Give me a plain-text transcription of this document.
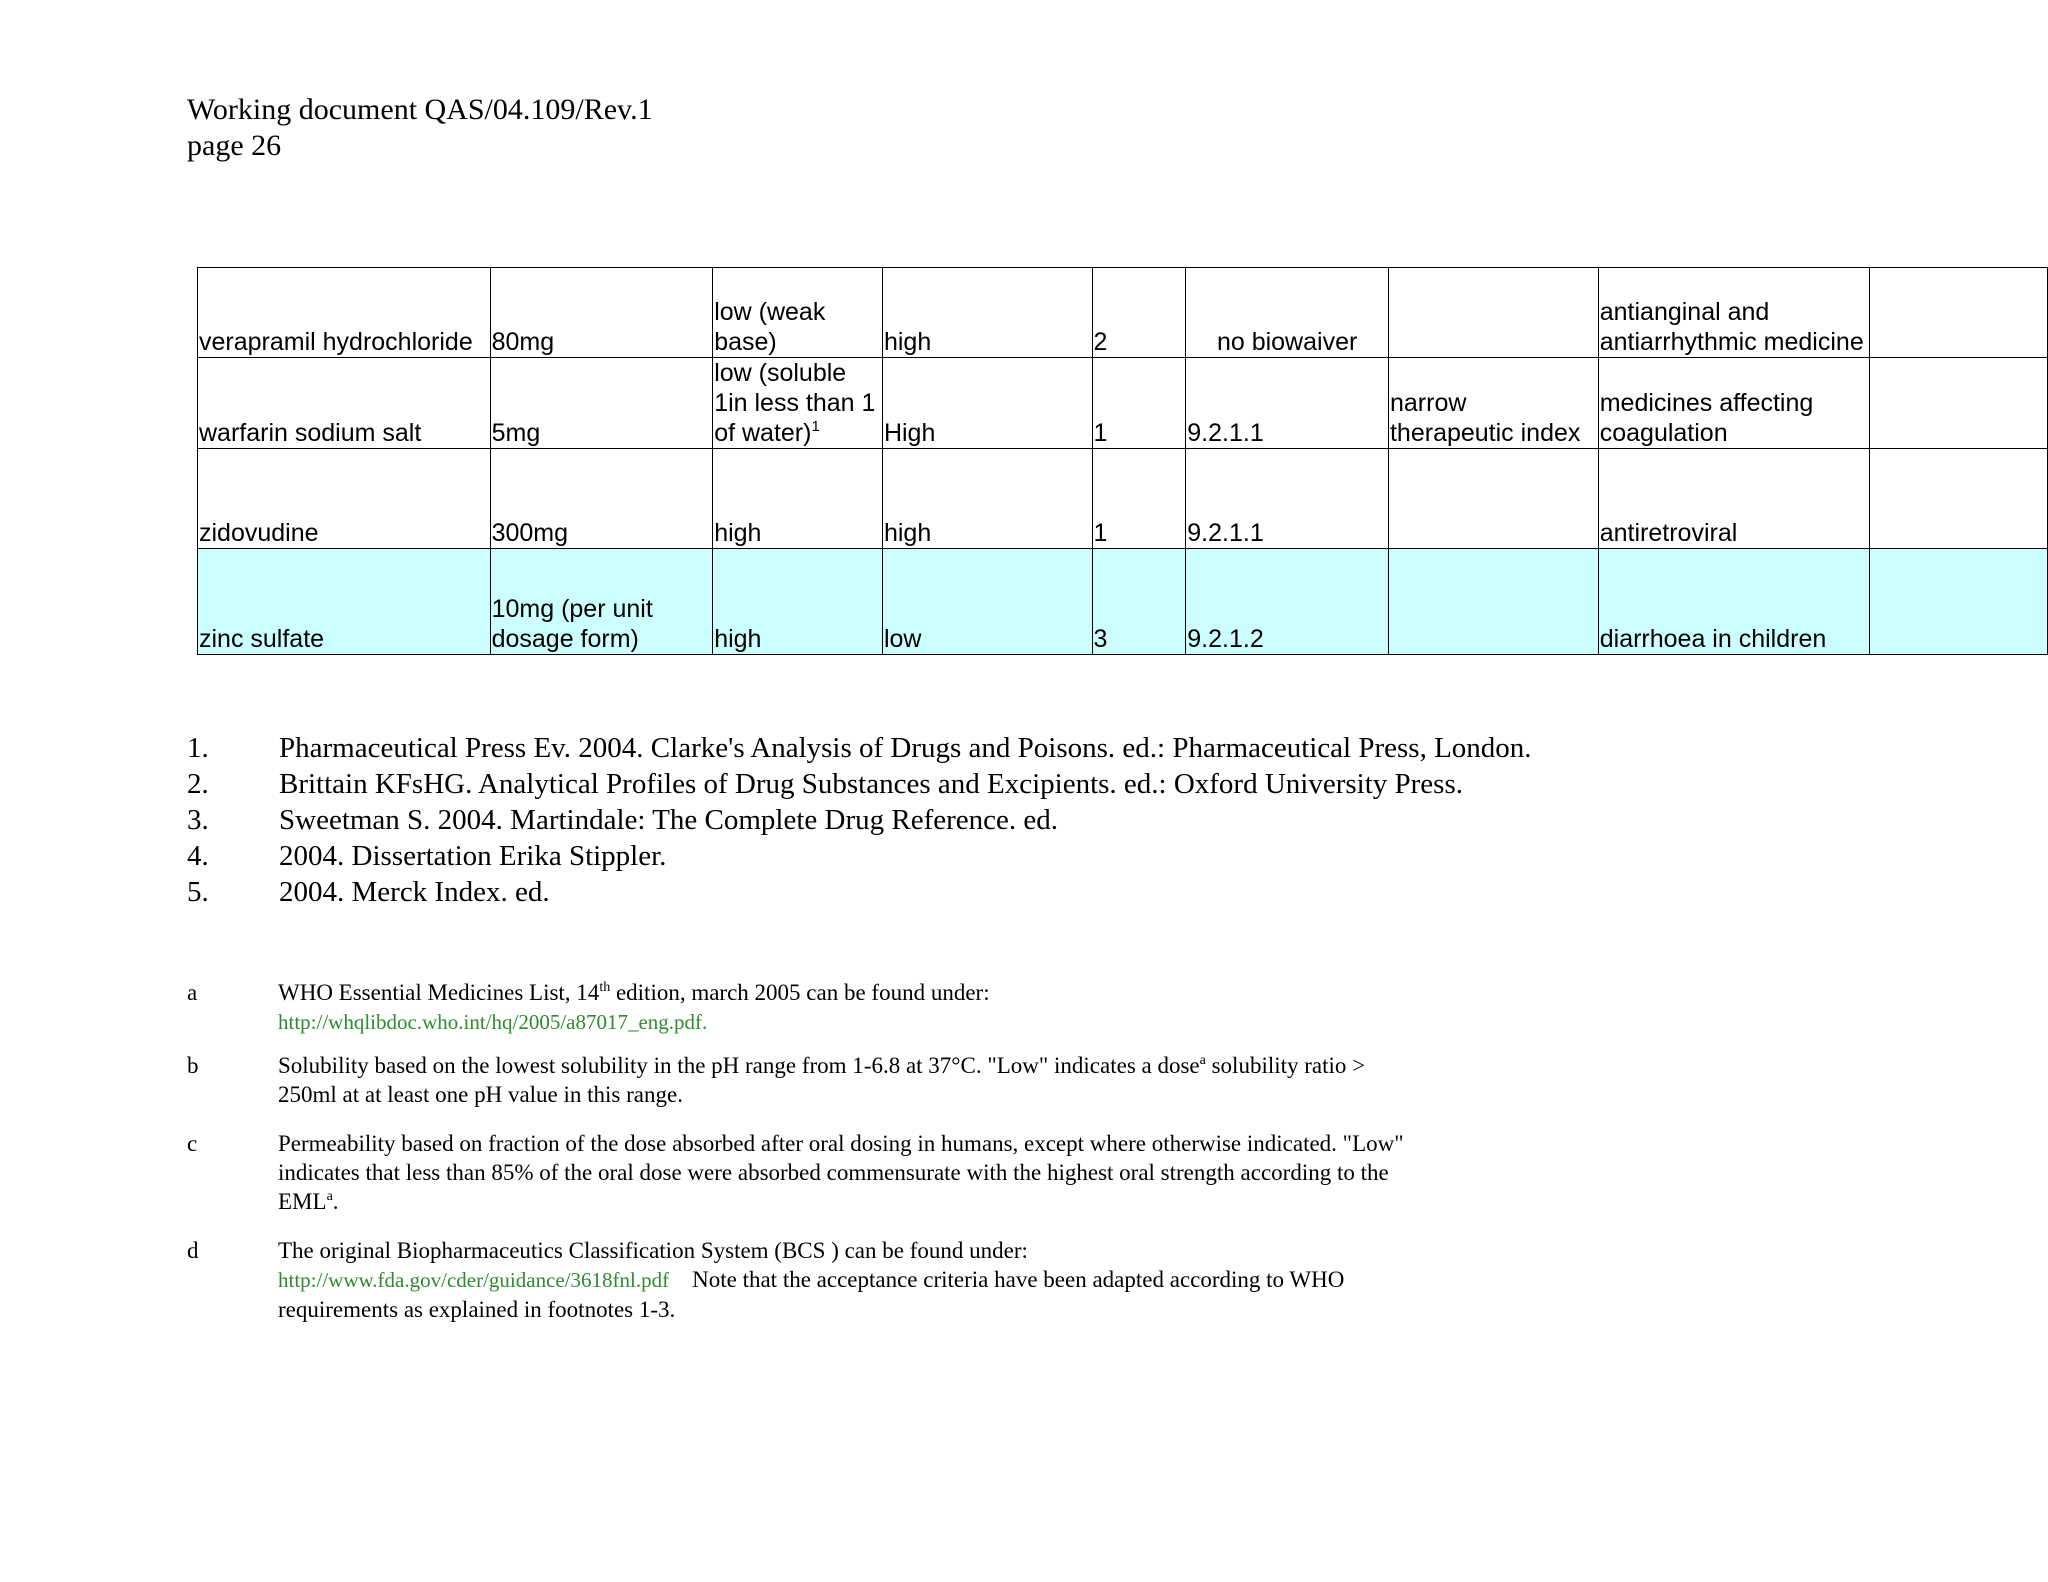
Working document QAS/04.109/Rev.1
page 26
verapramil hydrochloride	80mg	low (weak base)	high	2	no biowaiver		antianginal and antiarrhythmic medicine	
warfarin sodium salt	5mg	low (soluble 1in less than 1 of water)$^1$	High	1	9.2.1.1	narrow therapeutic index	medicines affecting coagulation	
zidovudine	300mg	high	high	1	9.2.1.1		antiretroviral	
zinc sulfate	10mg (per unit dosage form)	high	low	3	9.2.1.2		diarrhoea in children	
1.	Pharmaceutical Press Ev. 2004. Clarke's Analysis of Drugs and Poisons. ed.: Pharmaceutical Press, London.
2.	Brittain KFsHG. Analytical Profiles of Drug Substances and Excipients. ed.: Oxford University Press.
3.	Sweetman S. 2004. Martindale: The Complete Drug Reference. ed.
4.	2004. Dissertation Erika Stippler.
5.	2004. Merck Index. ed.
a	WHO Essential Medicines List, 14th edition, march 2005 can be found under:
http://whqlibdoc.who.int/hq/2005/a87017_eng.pdf.
b	Solubility based on the lowest solubility in the pH range from 1-6.8 at 37°C. "Low" indicates a dose$^a$ solubility ratio > 250ml at at least one pH value in this range.
c	Permeability based on fraction of the dose absorbed after oral dosing in humans, except where otherwise indicated. "Low" indicates that less than 85% of the oral dose were absorbed commensurate with the highest oral strength according to the EML$^a$.
d	The original Biopharmaceutics Classification System (BCS ) can be found under:
http://www.fda.gov/cder/guidance/3618fnl.pdf Note that the acceptance criteria have been adapted according to WHO requirements as explained in footnotes 1-3.
